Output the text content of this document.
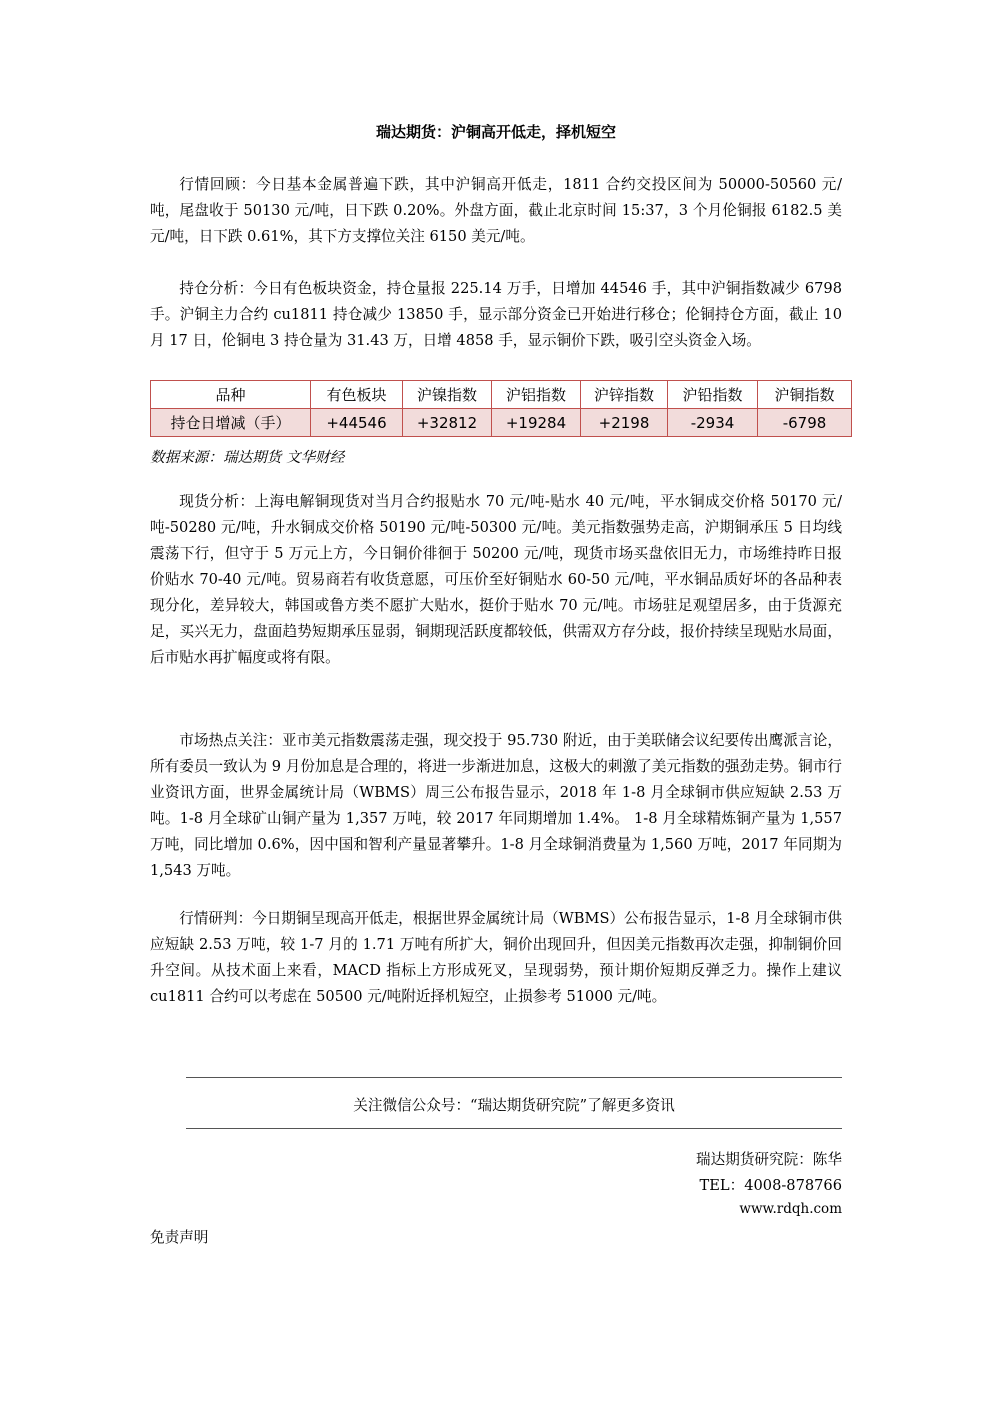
瑞达期货：沪铜高开低走，择机短空

行情回顾：今日基本金属普遍下跌，其中沪铜高开低走，1811 合约交投区间为 50000-50560 元/吨，尾盘收于 50130 元/吨，日下跌 0.20%。外盘方面，截止北京时间 15:37，3 个月伦铜报 6182.5 美元/吨，日下跌 0.61%，其下方支撑位关注 6150 美元/吨。

持仓分析：今日有色板块资金，持仓量报 225.14 万手，日增加 44546 手，其中沪铜指数减少 6798 手。沪铜主力合约 cu1811 持仓减少 13850 手，显示部分资金已开始进行移仓；伦铜持仓方面，截止 10 月 17 日，伦铜电 3 持仓量为 31.43 万，日增 4858 手，显示铜价下跌，吸引空头资金入场。

品种	有色板块	沪镍指数	沪铝指数	沪锌指数	沪铅指数	沪铜指数
持仓日增减（手）	+44546	+32812	+19284	+2198	-2934	-6798
数据来源：瑞达期货 文华财经

现货分析：上海电解铜现货对当月合约报贴水 70 元/吨-贴水 40 元/吨，平水铜成交价格 50170 元/吨-50280 元/吨，升水铜成交价格 50190 元/吨-50300 元/吨。美元指数强势走高，沪期铜承压 5 日均线震荡下行，但守于 5 万元上方，今日铜价徘徊于 50200 元/吨，现货市场买盘依旧无力，市场维持昨日报价贴水 70-40 元/吨。贸易商若有收货意愿，可压价至好铜贴水 60-50 元/吨，平水铜品质好坏的各品种表现分化，差异较大，韩国或鲁方类不愿扩大贴水，挺价于贴水 70 元/吨。市场驻足观望居多，由于货源充足，买兴无力，盘面趋势短期承压显弱，铜期现活跃度都较低，供需双方存分歧，报价持续呈现贴水局面，后市贴水再扩幅度或将有限。

市场热点关注：亚市美元指数震荡走强，现交投于 95.730 附近，由于美联储会议纪要传出鹰派言论，所有委员一致认为 9 月份加息是合理的，将进一步渐进加息，这极大的刺激了美元指数的强劲走势。铜市行业资讯方面，世界金属统计局（WBMS）周三公布报告显示，2018 年 1-8 月全球铜市供应短缺 2.53 万吨。1-8 月全球矿山铜产量为 1,357 万吨，较 2017 年同期增加 1.4%。 1-8 月全球精炼铜产量为 1,557 万吨，同比增加 0.6%，因中国和智利产量显著攀升。1-8 月全球铜消费量为 1,560 万吨，2017 年同期为 1,543 万吨。

行情研判：今日期铜呈现高开低走，根据世界金属统计局（WBMS）公布报告显示，1-8 月全球铜市供应短缺 2.53 万吨，较 1-7 月的 1.71 万吨有所扩大，铜价出现回升，但因美元指数再次走强，抑制铜价回升空间。从技术面上来看，MACD 指标上方形成死叉，呈现弱势，预计期价短期反弹乏力。操作上建议 cu1811 合约可以考虑在 50500 元/吨附近择机短空，止损参考 51000 元/吨。

关注微信公众号：“瑞达期货研究院”了解更多资讯
瑞达期货研究院：陈华
TEL：4008-878766
www.rdqh.com
免责声明
